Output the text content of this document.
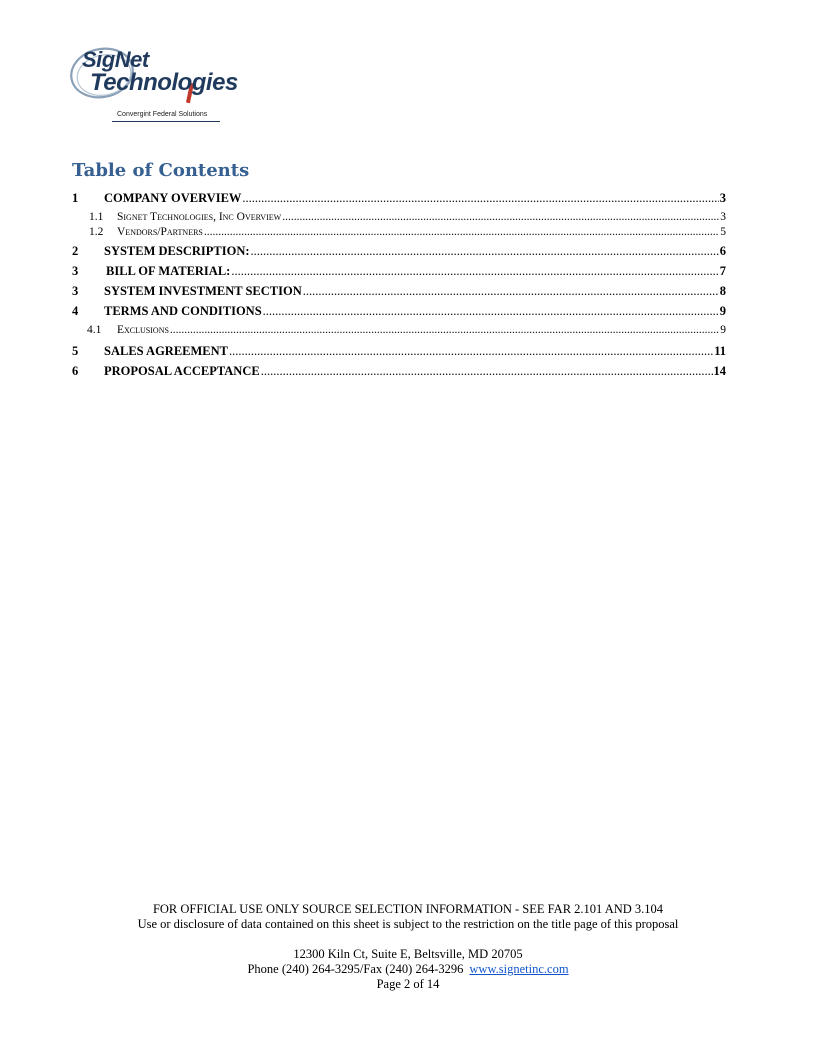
SigNet
Technologies
Convergint Federal Solutions
Table of Contents
1	COMPANY OVERVIEW .....	3
1.1	Signet Technologies, Inc Overview .....	3
1.2	Vendors/Partners .....	5
2	SYSTEM DESCRIPTION: .....	6
3	BILL OF MATERIAL: .....	7
3	SYSTEM INVESTMENT SECTION .....	8
4	TERMS AND CONDITIONS .....	9
4.1	Exclusions .....	9
5	SALES AGREEMENT .....	11
6	PROPOSAL ACCEPTANCE .....	14
FOR OFFICIAL USE ONLY SOURCE SELECTION INFORMATION - SEE FAR 2.101 AND 3.104
Use or disclosure of data contained on this sheet is subject to the restriction on the title page of this proposal
12300 Kiln Ct, Suite E, Beltsville, MD 20705
Phone (240) 264-3295/Fax (240) 264-3296 www.signetinc.com
Page 2 of 14
